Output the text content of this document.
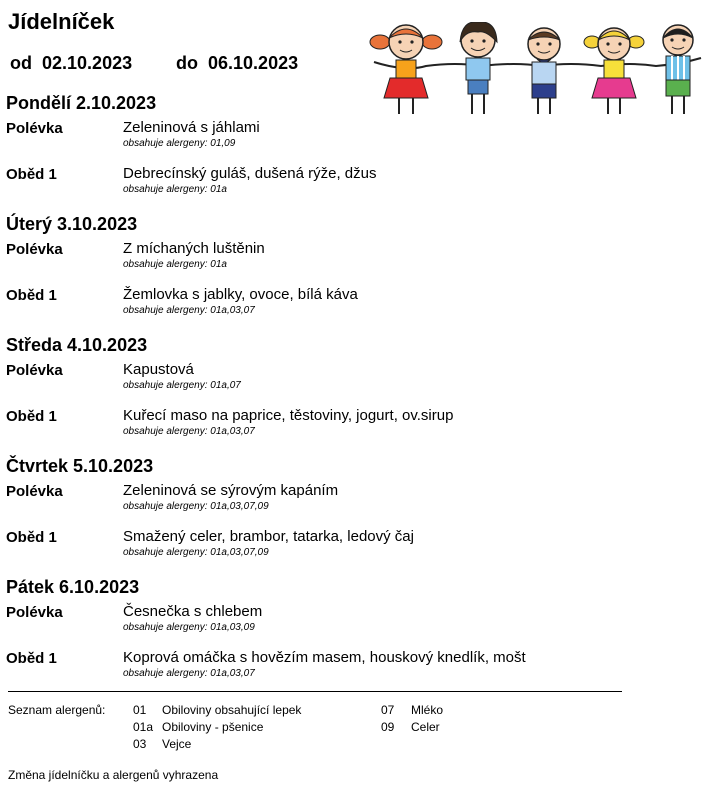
Jídelníček
od 02.10.2023 do 06.10.2023
Pondělí 2.10.2023
Polévka	Zeleninová s jáhlami
obsahuje alergeny: 01,09
Oběd 1	Debrecínský guláš, dušená rýže, džus
obsahuje alergeny: 01a
Úterý 3.10.2023
Polévka	Z míchaných luštěnin
obsahuje alergeny: 01a
Oběd 1	Žemlovka s jablky, ovoce, bílá káva
obsahuje alergeny: 01a,03,07
Středa 4.10.2023
Polévka	Kapustová
obsahuje alergeny: 01a,07
Oběd 1	Kuřecí maso na paprice, těstoviny, jogurt, ov.sirup
obsahuje alergeny: 01a,03,07
Čtvrtek 5.10.2023
Polévka	Zeleninová se sýrovým kapáním
obsahuje alergeny: 01a,03,07,09
Oběd 1	Smažený celer, brambor, tatarka, ledový čaj
obsahuje alergeny: 01a,03,07,09
Pátek 6.10.2023
Polévka	Česnečka s chlebem
obsahuje alergeny: 01a,03,09
Oběd 1	Koprová omáčka s hovězím masem, houskový knedlík, mošt
obsahuje alergeny: 01a,03,07
Seznam alergenů: 01 Obiloviny obsahující lepek
01a Obiloviny - pšenice
03 Vejce
07 Mléko
09 Celer
Změna jídelníčku a alergenů vyhrazena
